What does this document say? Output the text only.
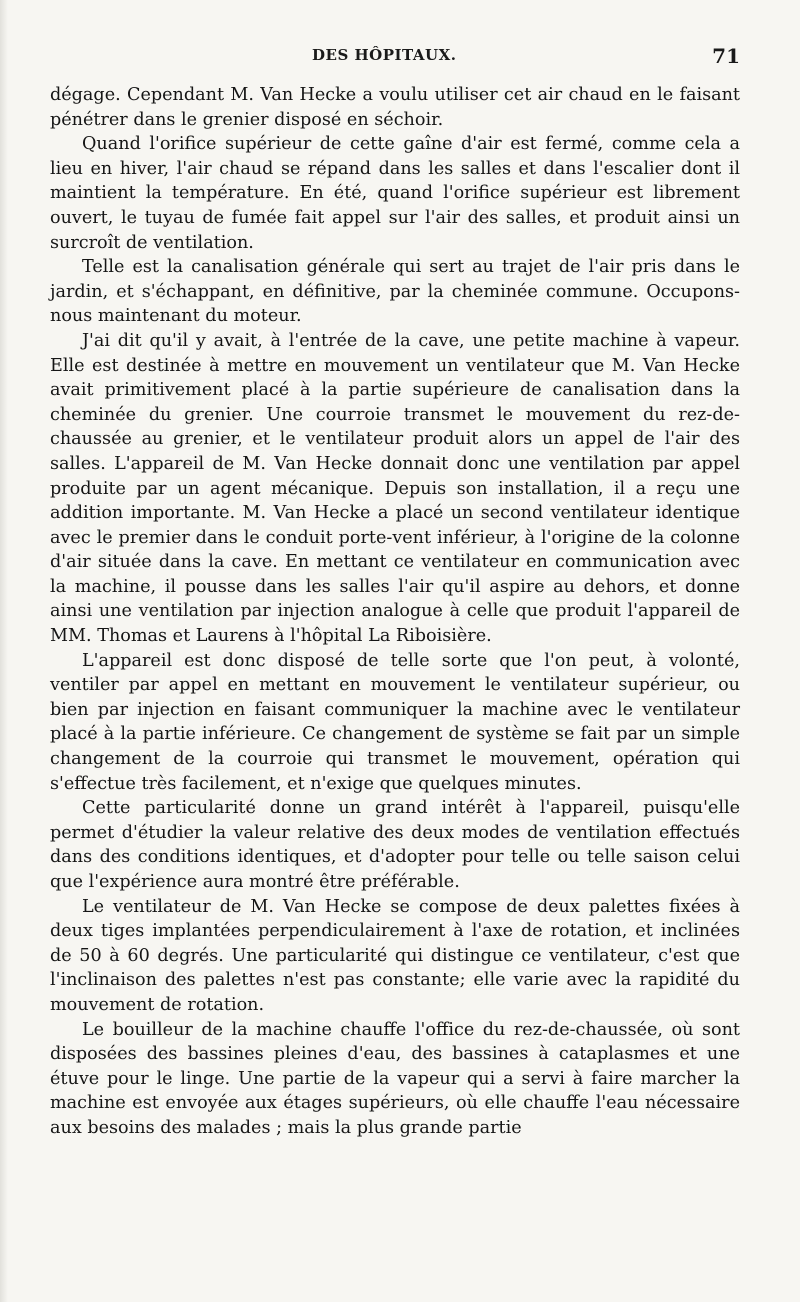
DES HÔPITAUX.	71

dégage. Cependant M. Van Hecke a voulu utiliser cet air chaud en le faisant pénétrer dans le grenier disposé en séchoir.

Quand l'orifice supérieur de cette gaîne d'air est fermé, comme cela a lieu en hiver, l'air chaud se répand dans les salles et dans l'escalier dont il maintient la température. En été, quand l'orifice supérieur est librement ouvert, le tuyau de fumée fait appel sur l'air des salles, et produit ainsi un surcroît de ventilation.

Telle est la canalisation générale qui sert au trajet de l'air pris dans le jardin, et s'échappant, en définitive, par la cheminée commune. Occupons-nous maintenant du moteur.

J'ai dit qu'il y avait, à l'entrée de la cave, une petite machine à vapeur. Elle est destinée à mettre en mouvement un ventilateur que M. Van Hecke avait primitivement placé à la partie supérieure de canalisation dans la cheminée du grenier. Une courroie transmet le mouvement du rez-de-chaussée au grenier, et le ventilateur produit alors un appel de l'air des salles. L'appareil de M. Van Hecke donnait donc une ventilation par appel produite par un agent mécanique. Depuis son installation, il a reçu une addition importante. M. Van Hecke a placé un second ventilateur identique avec le premier dans le conduit porte-vent inférieur, à l'origine de la colonne d'air située dans la cave. En mettant ce ventilateur en communication avec la machine, il pousse dans les salles l'air qu'il aspire au dehors, et donne ainsi une ventilation par injection analogue à celle que produit l'appareil de MM. Thomas et Laurens à l'hôpital La Riboisière.

L'appareil est donc disposé de telle sorte que l'on peut, à volonté, ventiler par appel en mettant en mouvement le ventilateur supérieur, ou bien par injection en faisant communiquer la machine avec le ventilateur placé à la partie inférieure. Ce changement de système se fait par un simple changement de la courroie qui transmet le mouvement, opération qui s'effectue très facilement, et n'exige que quelques minutes.

Cette particularité donne un grand intérêt à l'appareil, puisqu'elle permet d'étudier la valeur relative des deux modes de ventilation effectués dans des conditions identiques, et d'adopter pour telle ou telle saison celui que l'expérience aura montré être préférable.

Le ventilateur de M. Van Hecke se compose de deux palettes fixées à deux tiges implantées perpendiculairement à l'axe de rotation, et inclinées de 50 à 60 degrés. Une particularité qui distingue ce ventilateur, c'est que l'inclinaison des palettes n'est pas constante; elle varie avec la rapidité du mouvement de rotation.

Le bouilleur de la machine chauffe l'office du rez-de-chaussée, où sont disposées des bassines pleines d'eau, des bassines à cataplasmes et une étuve pour le linge. Une partie de la vapeur qui a servi à faire marcher la machine est envoyée aux étages supérieurs, où elle chauffe l'eau nécessaire aux besoins des malades ; mais la plus grande partie
